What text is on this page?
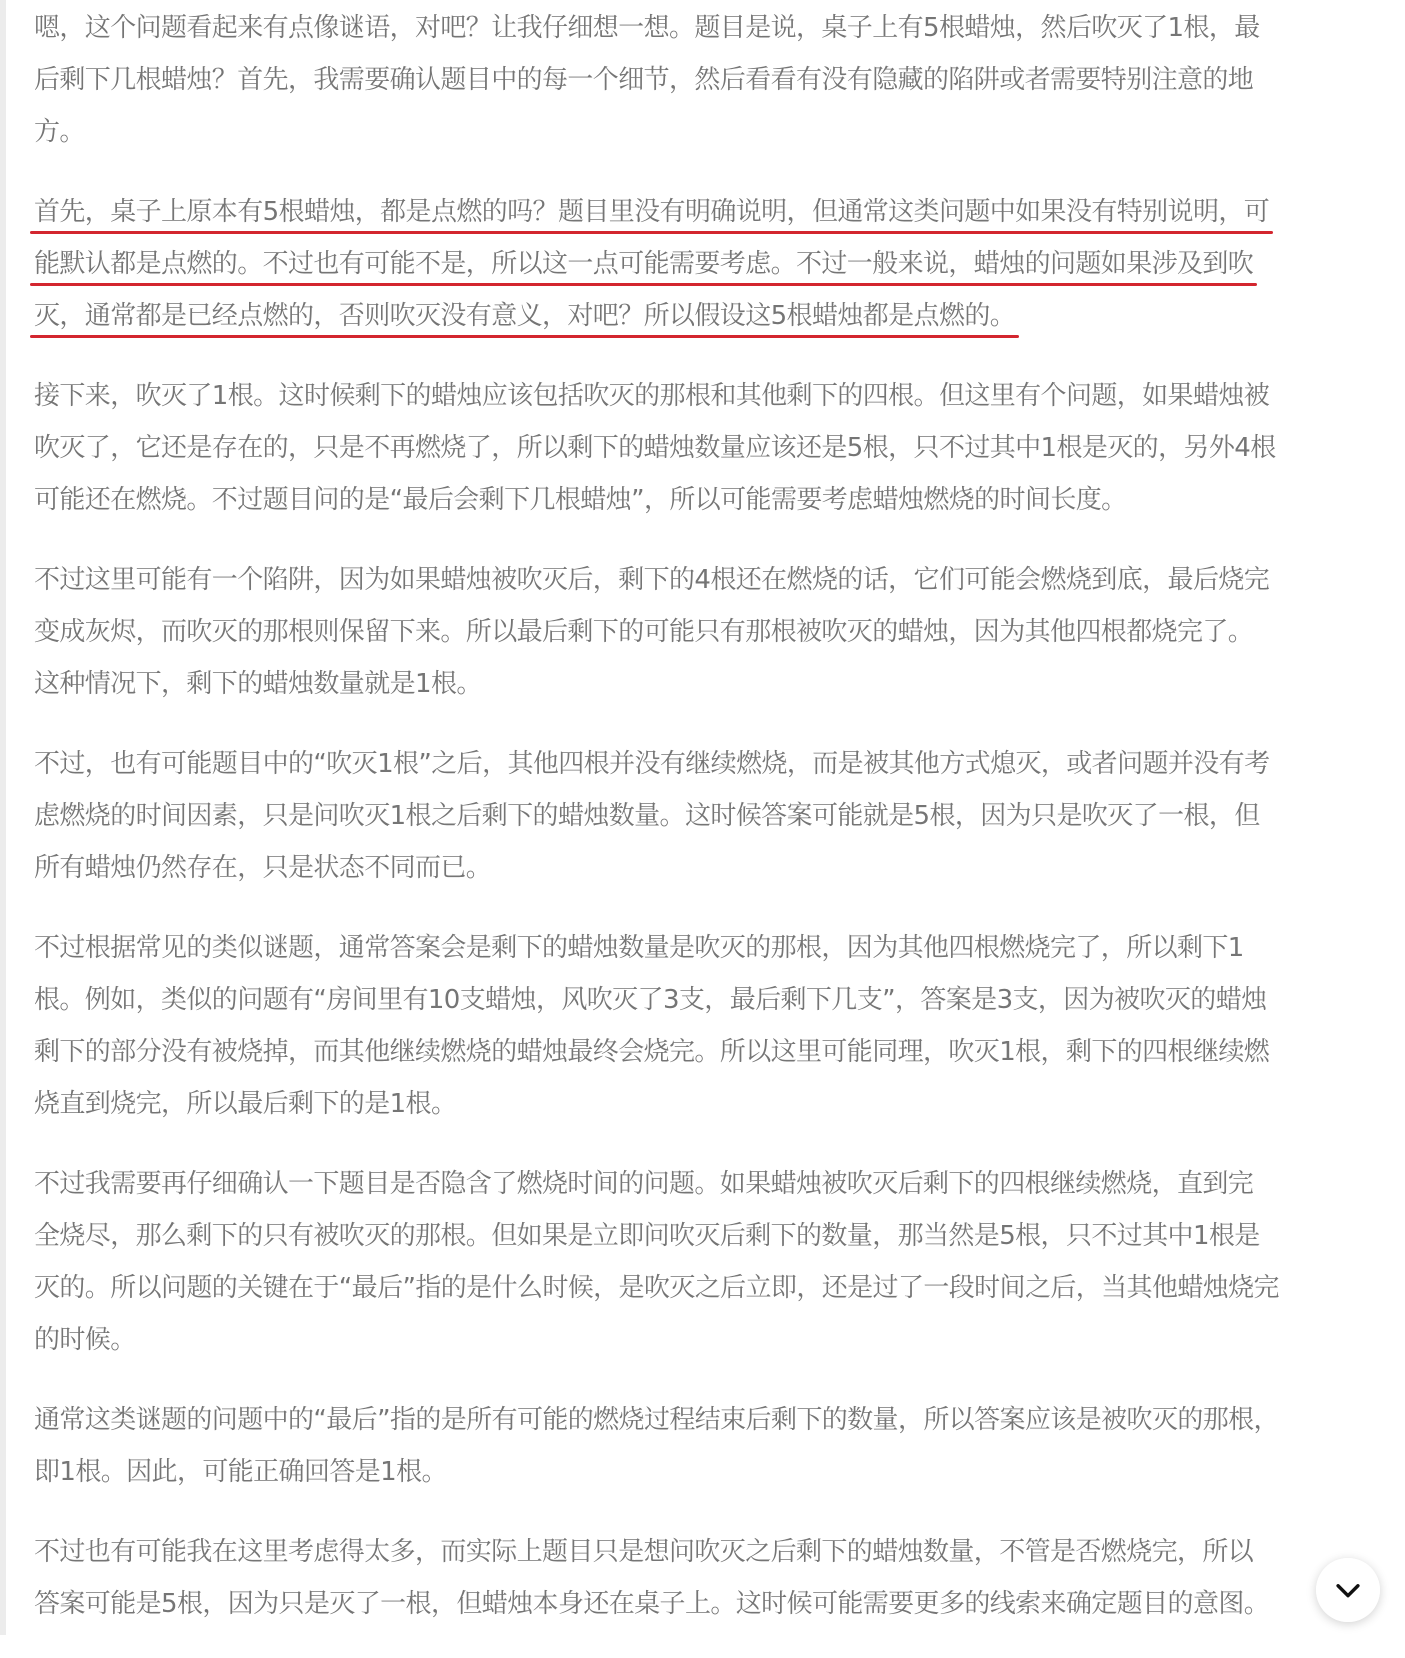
嗯，这个问题看起来有点像谜语，对吧？让我仔细想一想。题目是说，桌子上有5根蜡烛，然后吹灭了1根，最
后剩下几根蜡烛？首先，我需要确认题目中的每一个细节，然后看看有没有隐藏的陷阱或者需要特别注意的地
方。
首先，桌子上原本有5根蜡烛，都是点燃的吗？题目里没有明确说明，但通常这类问题中如果没有特别说明，可
能默认都是点燃的。不过也有可能不是，所以这一点可能需要考虑。不过一般来说，蜡烛的问题如果涉及到吹
灭，通常都是已经点燃的，否则吹灭没有意义，对吧？所以假设这5根蜡烛都是点燃的。
接下来，吹灭了1根。这时候剩下的蜡烛应该包括吹灭的那根和其他剩下的四根。但这里有个问题，如果蜡烛被
吹灭了，它还是存在的，只是不再燃烧了，所以剩下的蜡烛数量应该还是5根，只不过其中1根是灭的，另外4根
可能还在燃烧。不过题目问的是“最后会剩下几根蜡烛”，所以可能需要考虑蜡烛燃烧的时间长度。
不过这里可能有一个陷阱，因为如果蜡烛被吹灭后，剩下的4根还在燃烧的话，它们可能会燃烧到底，最后烧完
变成灰烬，而吹灭的那根则保留下来。所以最后剩下的可能只有那根被吹灭的蜡烛，因为其他四根都烧完了。
这种情况下，剩下的蜡烛数量就是1根。
不过，也有可能题目中的“吹灭1根”之后，其他四根并没有继续燃烧，而是被其他方式熄灭，或者问题并没有考
虑燃烧的时间因素，只是问吹灭1根之后剩下的蜡烛数量。这时候答案可能就是5根，因为只是吹灭了一根，但
所有蜡烛仍然存在，只是状态不同而已。
不过根据常见的类似谜题，通常答案会是剩下的蜡烛数量是吹灭的那根，因为其他四根燃烧完了，所以剩下1
根。例如，类似的问题有“房间里有10支蜡烛，风吹灭了3支，最后剩下几支”，答案是3支，因为被吹灭的蜡烛
剩下的部分没有被烧掉，而其他继续燃烧的蜡烛最终会烧完。所以这里可能同理，吹灭1根，剩下的四根继续燃
烧直到烧完，所以最后剩下的是1根。
不过我需要再仔细确认一下题目是否隐含了燃烧时间的问题。如果蜡烛被吹灭后剩下的四根继续燃烧，直到完
全烧尽，那么剩下的只有被吹灭的那根。但如果是立即问吹灭后剩下的数量，那当然是5根，只不过其中1根是
灭的。所以问题的关键在于“最后”指的是什么时候，是吹灭之后立即，还是过了一段时间之后，当其他蜡烛烧完
的时候。
通常这类谜题的问题中的“最后”指的是所有可能的燃烧过程结束后剩下的数量，所以答案应该是被吹灭的那根，
即1根。因此，可能正确回答是1根。
不过也有可能我在这里考虑得太多，而实际上题目只是想问吹灭之后剩下的蜡烛数量，不管是否燃烧完，所以
答案可能是5根，因为只是灭了一根，但蜡烛本身还在桌子上。这时候可能需要更多的线索来确定题目的意图。
